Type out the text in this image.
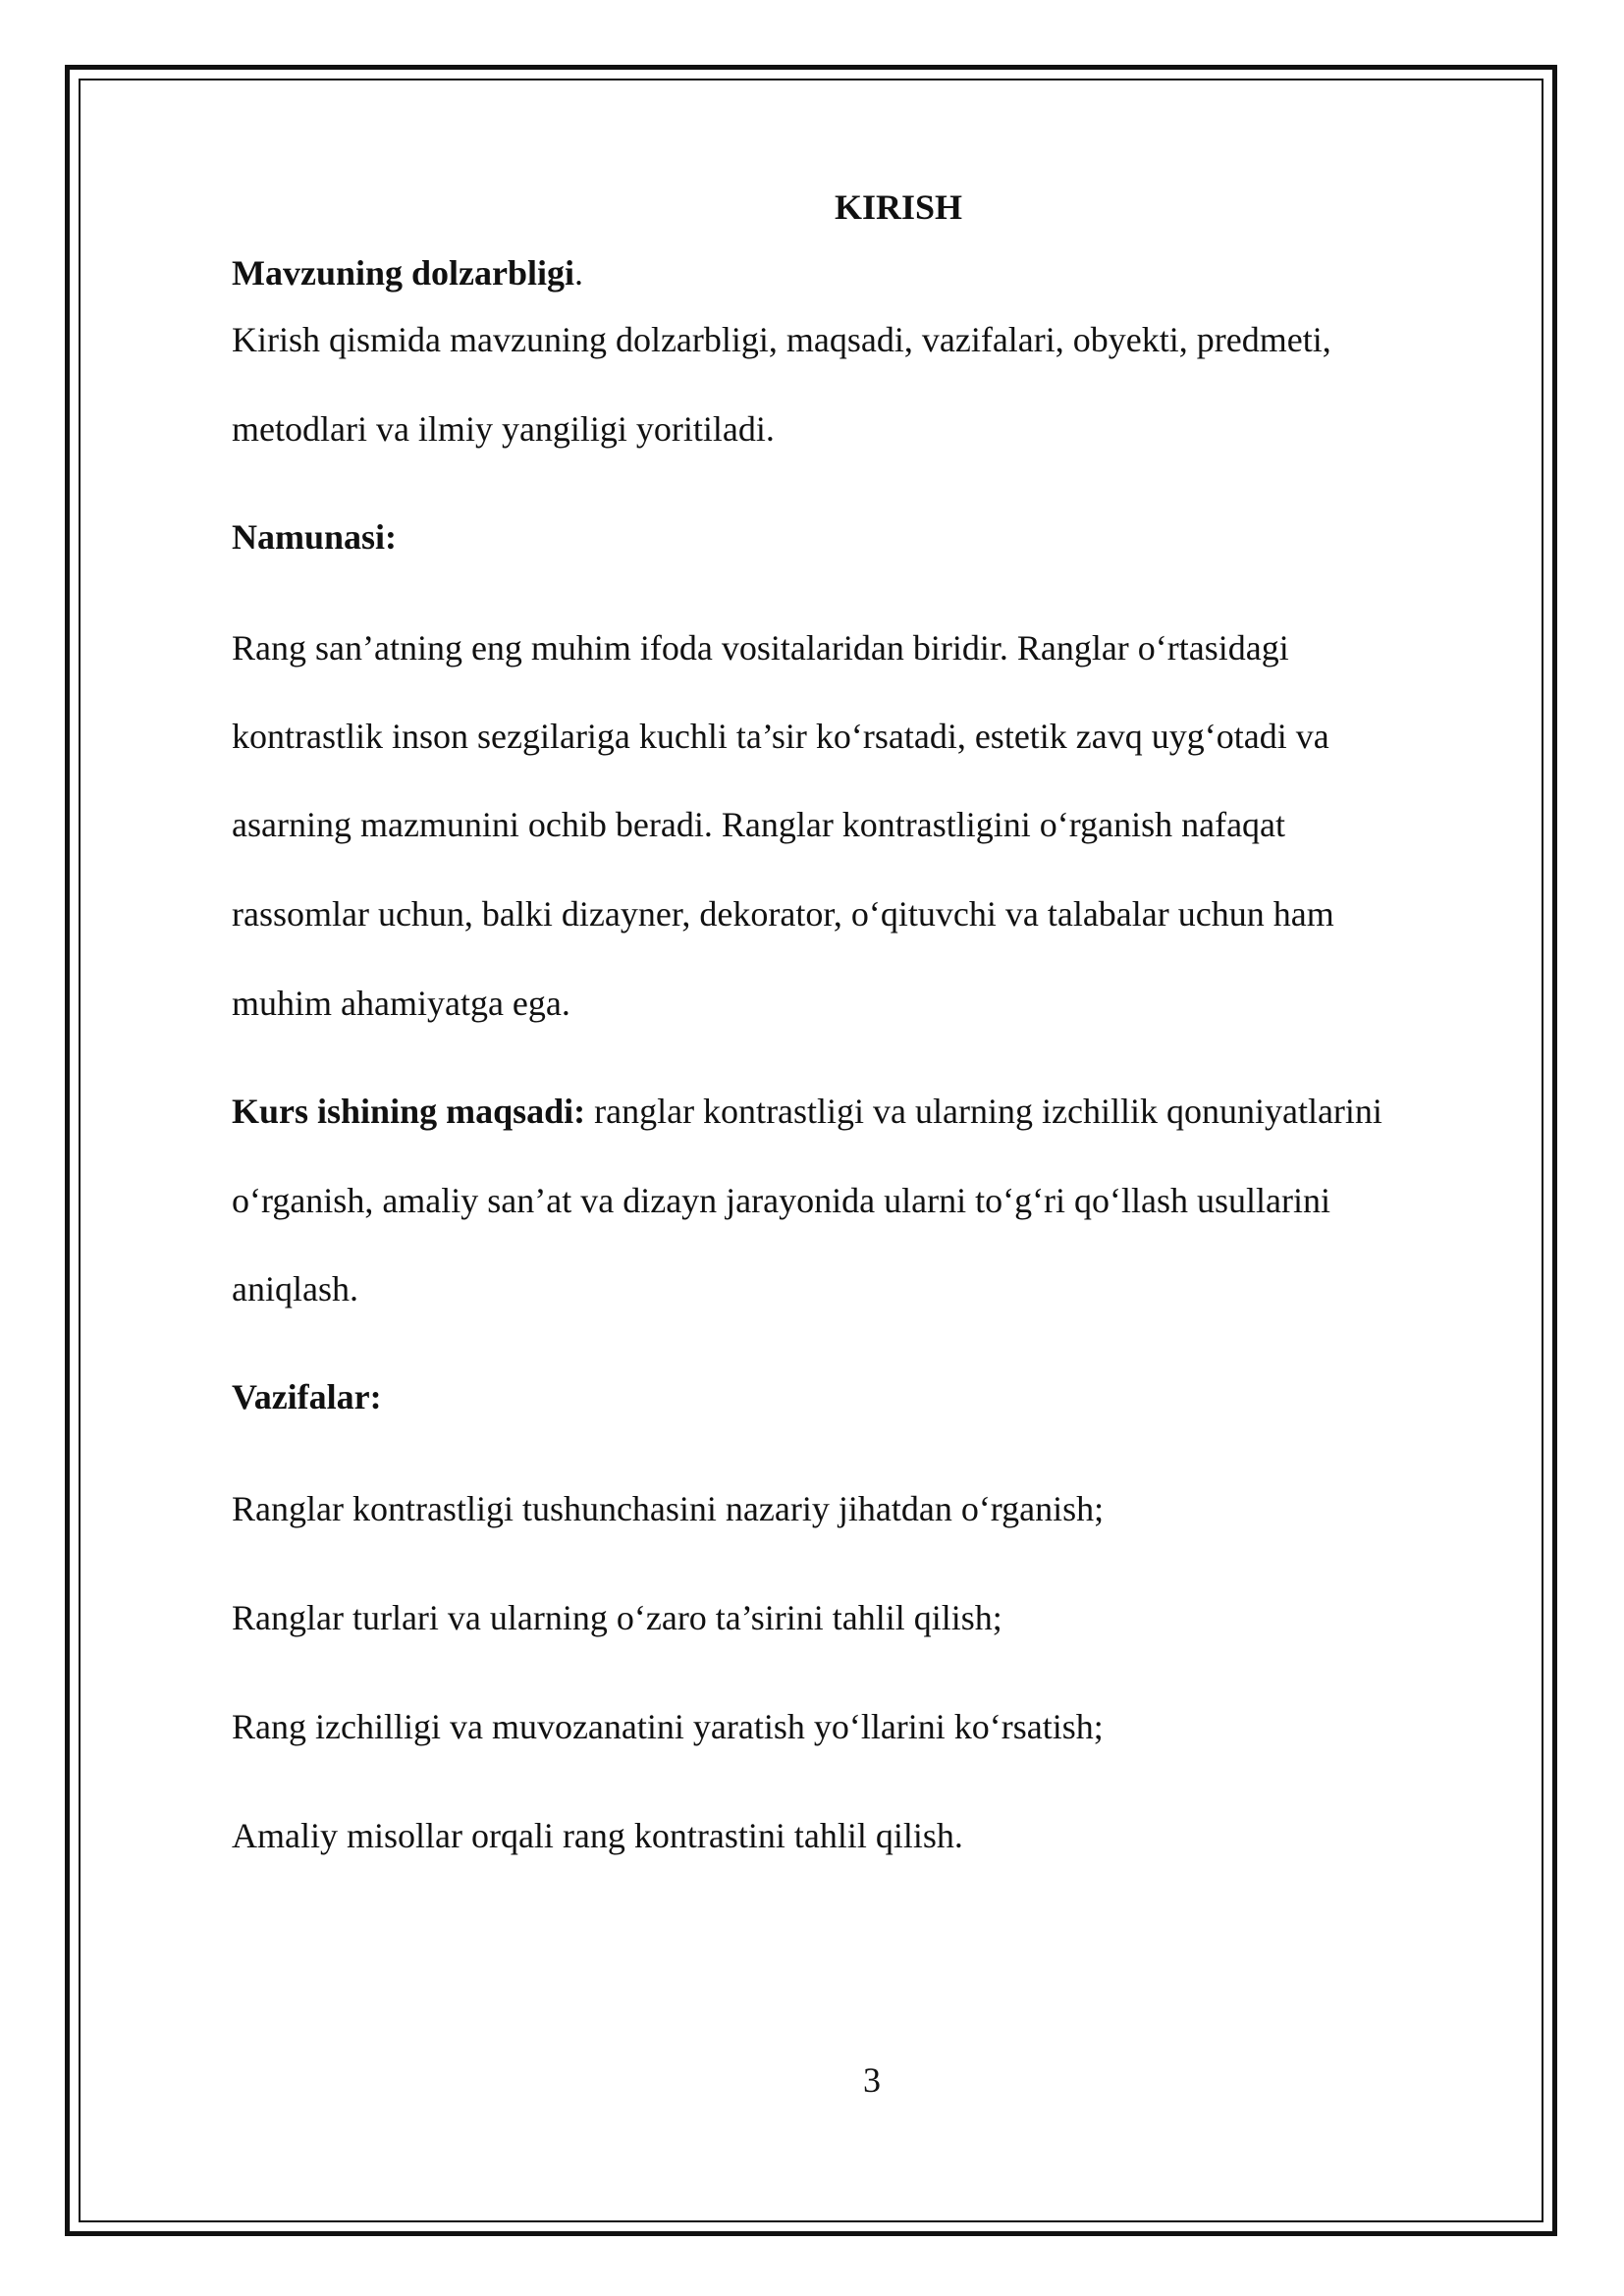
KIRISH

Mavzuning dolzarbligi.

Kirish qismida mavzuning dolzarbligi, maqsadi, vazifalari, obyekti, predmeti,

metodlari va ilmiy yangiligi yoritiladi.

Namunasi:

Rang san’atning eng muhim ifoda vositalaridan biridir. Ranglar o‘rtasidagi

kontrastlik inson sezgilariga kuchli ta’sir ko‘rsatadi, estetik zavq uyg‘otadi va

asarning mazmunini ochib beradi. Ranglar kontrastligini o‘rganish nafaqat

rassomlar uchun, balki dizayner, dekorator, o‘qituvchi va talabalar uchun ham

muhim ahamiyatga ega.

Kurs ishining maqsadi: ranglar kontrastligi va ularning izchillik qonuniyatlarini

o‘rganish, amaliy san’at va dizayn jarayonida ularni to‘g‘ri qo‘llash usullarini

aniqlash.

Vazifalar:

Ranglar kontrastligi tushunchasini nazariy jihatdan o‘rganish;

Ranglar turlari va ularning o‘zaro ta’sirini tahlil qilish;

Rang izchilligi va muvozanatini yaratish yo‘llarini ko‘rsatish;

Amaliy misollar orqali rang kontrastini tahlil qilish.

3
